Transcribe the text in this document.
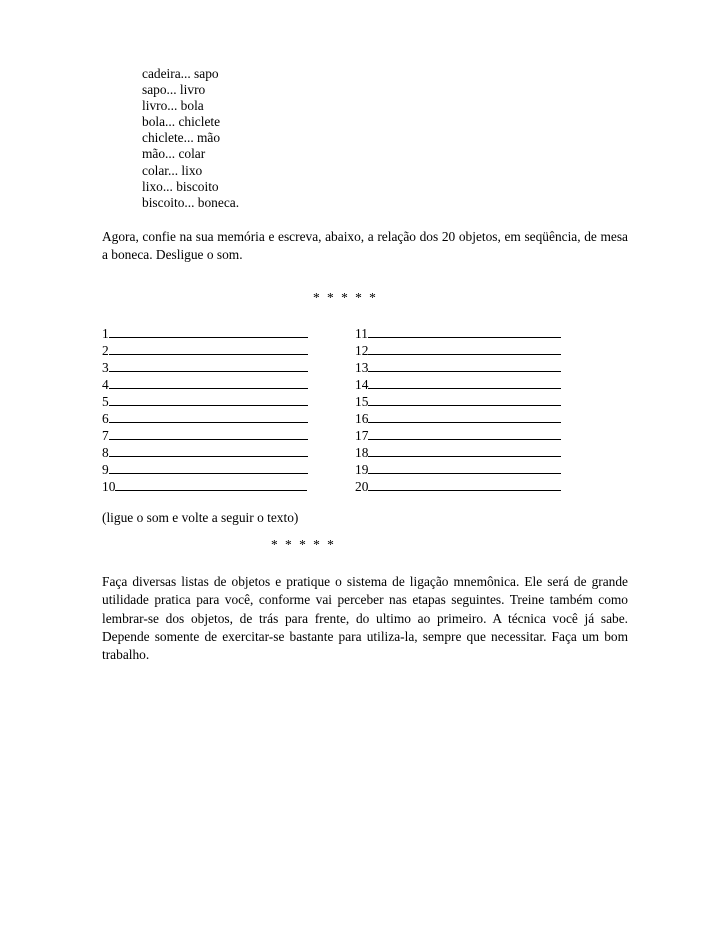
cadeira... sapo
sapo... livro
livro... bola
bola... chiclete
chiclete... mão
mão... colar
colar... lixo
lixo... biscoito
biscoito... boneca.

Agora, confie na sua memória e escreva, abaixo, a relação dos 20 objetos, em seqüência, de mesa a boneca. Desligue o som.

* * * * *
1
2
3
4
5
6
7
8
9
10
11
12
13
14
15
16
17
18
19
20

(ligue o som e volte a seguir o texto)

* * * * *

Faça diversas listas de objetos e pratique o sistema de ligação mnemônica. Ele será de grande utilidade pratica para você, conforme vai perceber nas etapas seguintes. Treine também como lembrar-se dos objetos, de trás para frente, do ultimo ao primeiro. A técnica você já sabe. Depende somente de exercitar-se bastante para utiliza-la, sempre que necessitar. Faça um bom trabalho.
